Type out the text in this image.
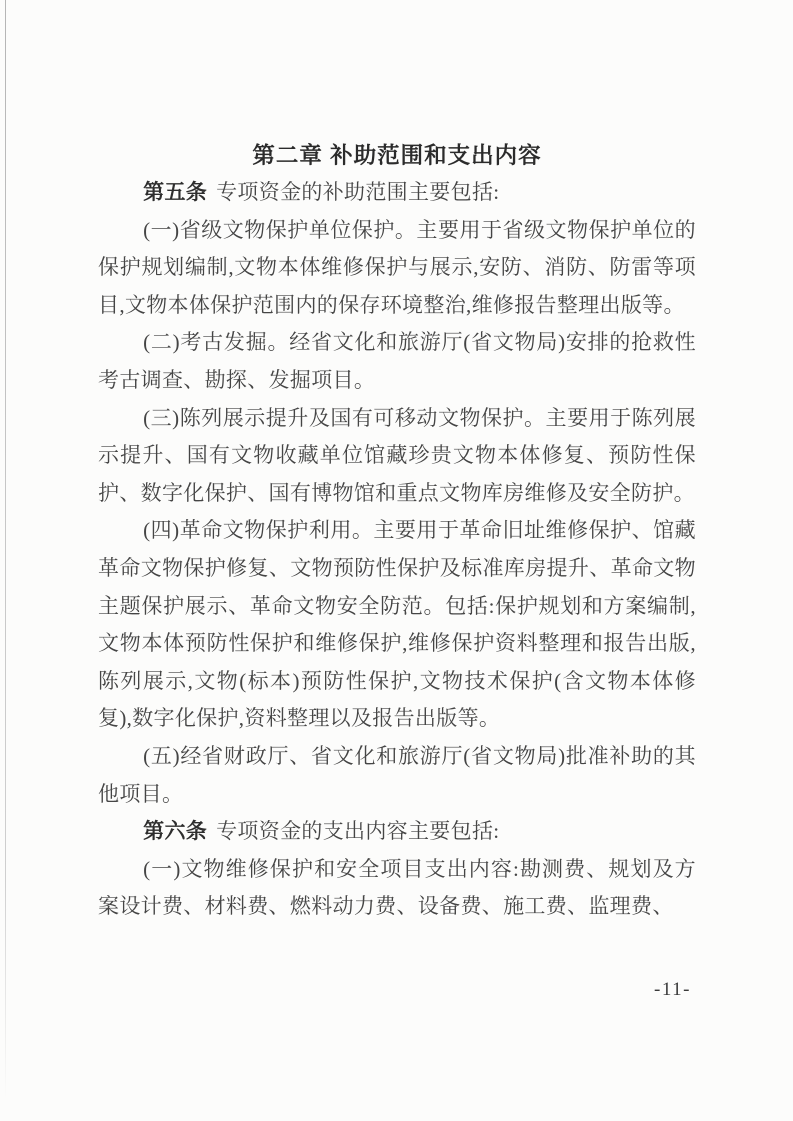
第二章 补助范围和支出内容

第五条 专项资金的补助范围主要包括:

(一)省级文物保护单位保护。主要用于省级文物保护单位的保护规划编制,文物本体维修保护与展示,安防、消防、防雷等项目,文物本体保护范围内的保存环境整治,维修报告整理出版等。

(二)考古发掘。经省文化和旅游厅(省文物局)安排的抢救性考古调查、勘探、发掘项目。

(三)陈列展示提升及国有可移动文物保护。主要用于陈列展示提升、国有文物收藏单位馆藏珍贵文物本体修复、预防性保护、数字化保护、国有博物馆和重点文物库房维修及安全防护。

(四)革命文物保护利用。主要用于革命旧址维修保护、馆藏革命文物保护修复、文物预防性保护及标准库房提升、革命文物主题保护展示、革命文物安全防范。包括:保护规划和方案编制,文物本体预防性保护和维修保护,维修保护资料整理和报告出版,陈列展示,文物(标本)预防性保护,文物技术保护(含文物本体修复),数字化保护,资料整理以及报告出版等。

(五)经省财政厅、省文化和旅游厅(省文物局)批准补助的其他项目。

第六条 专项资金的支出内容主要包括:

(一)文物维修保护和安全项目支出内容:勘测费、规划及方案设计费、材料费、燃料动力费、设备费、施工费、监理费、

-11-
